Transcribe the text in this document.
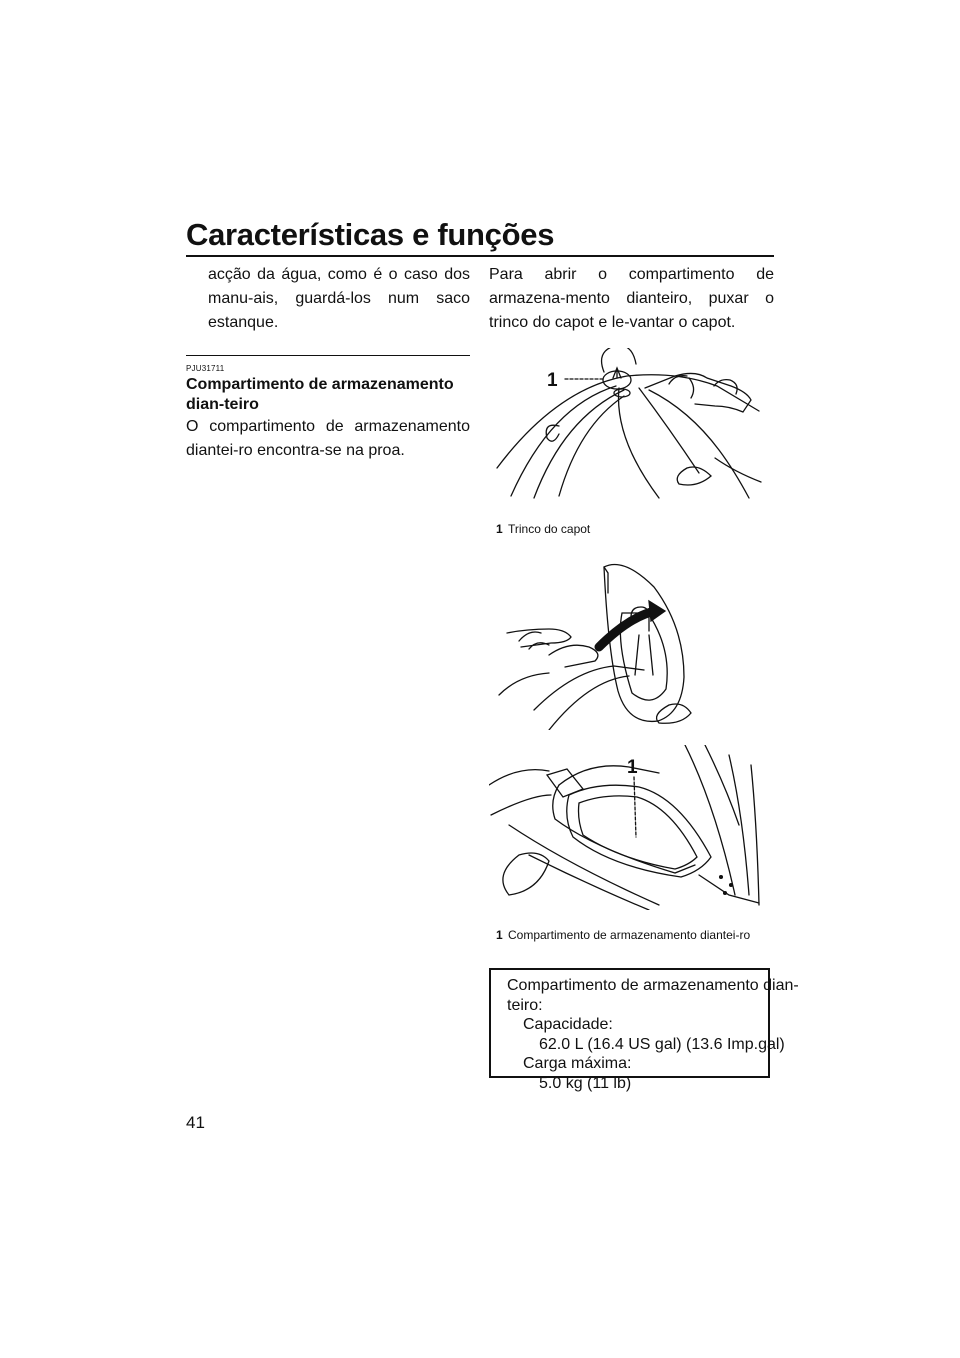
Características e funções

acção da água, como é o caso dos manu-ais, guardá-los num saco estanque.

PJU31711
Compartimento de armazenamento dian-teiro

O compartimento de armazenamento diantei-ro encontra-se na proa.

Para abrir o compartimento de armazena-mento dianteiro, puxar o trinco do capot e le-vantar o capot.

1
1 Trinco do capot
1
1 Compartimento de armazenamento diantei-ro
Compartimento de armazenamento dian-
teiro:
Capacidade:
62.0 L (16.4 US gal) (13.6 Imp.gal)
Carga máxima:
5.0 kg (11 lb)
41
